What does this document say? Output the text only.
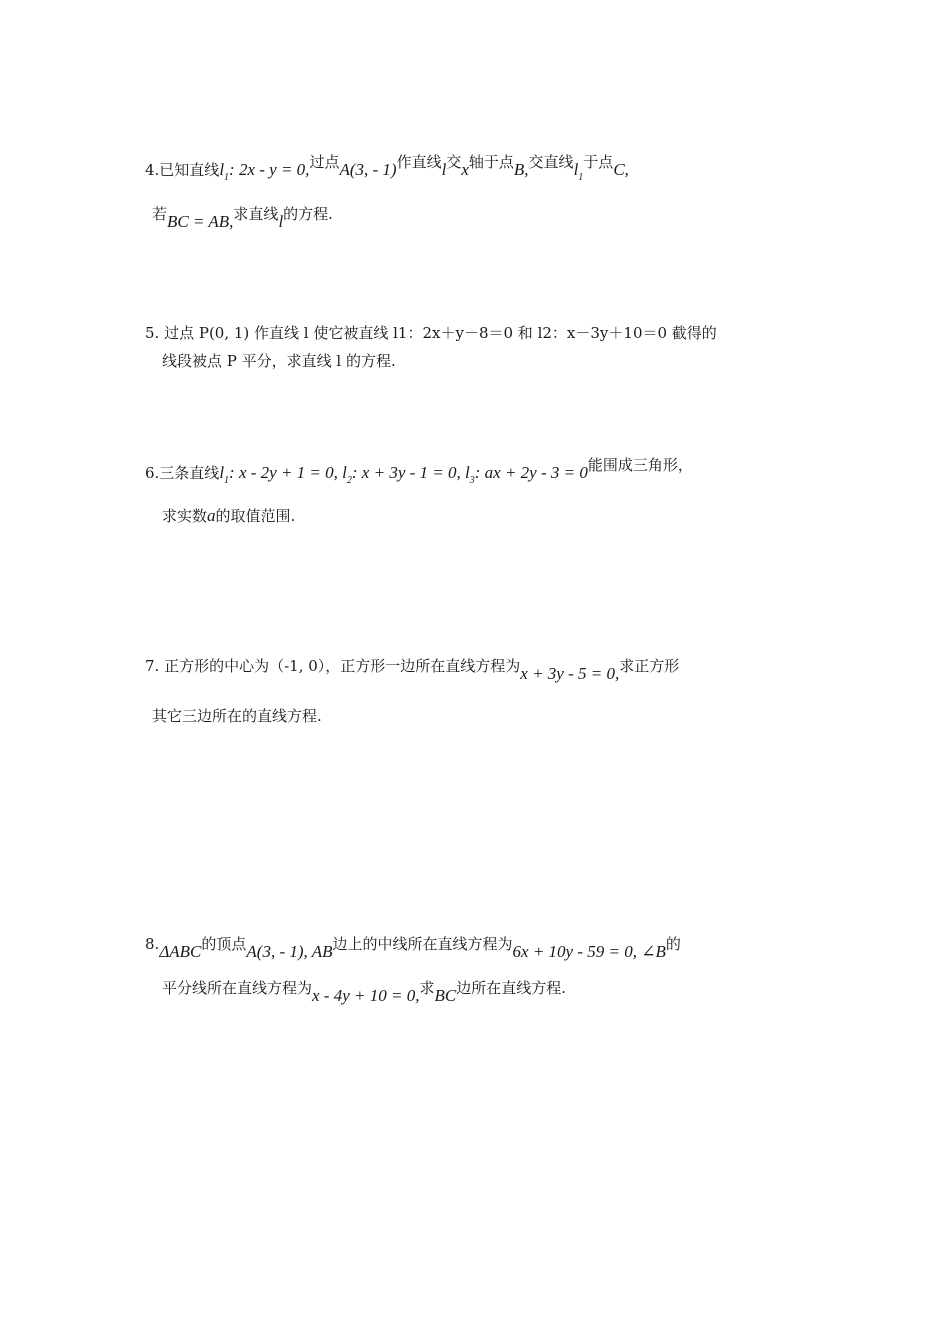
4.已知直线$l_1$: 2x - y = 0,过点A(3, - 1)作直线l交x轴于点B,交直线$l_1$于点C,
若BC = AB,求直线l的方程.
5. 过点 P(0, 1) 作直线 l 使它被直线 l1：2x＋y－8＝0 和 l2：x－3y＋10＝0 截得的
线段被点 P 平分，求直线 l 的方程.
6.三条直线$l_1$: x - 2y + 1 = 0, $l_2$: x + 3y - 1 = 0, $l_3$: ax + 2y - 3 = 0能围成三角形，
求实数a的取值范围.
7. 正方形的中心为（-1, 0），正方形一边所在直线方程为x + 3y - 5 = 0,求正方形
其它三边所在的直线方程.
8.ΔABC的顶点A(3, - 1), AB边上的中线所在直线方程为6x + 10y - 59 = 0, ∠B的
平分线所在直线方程为x - 4y + 10 = 0,求BC边所在直线方程.
